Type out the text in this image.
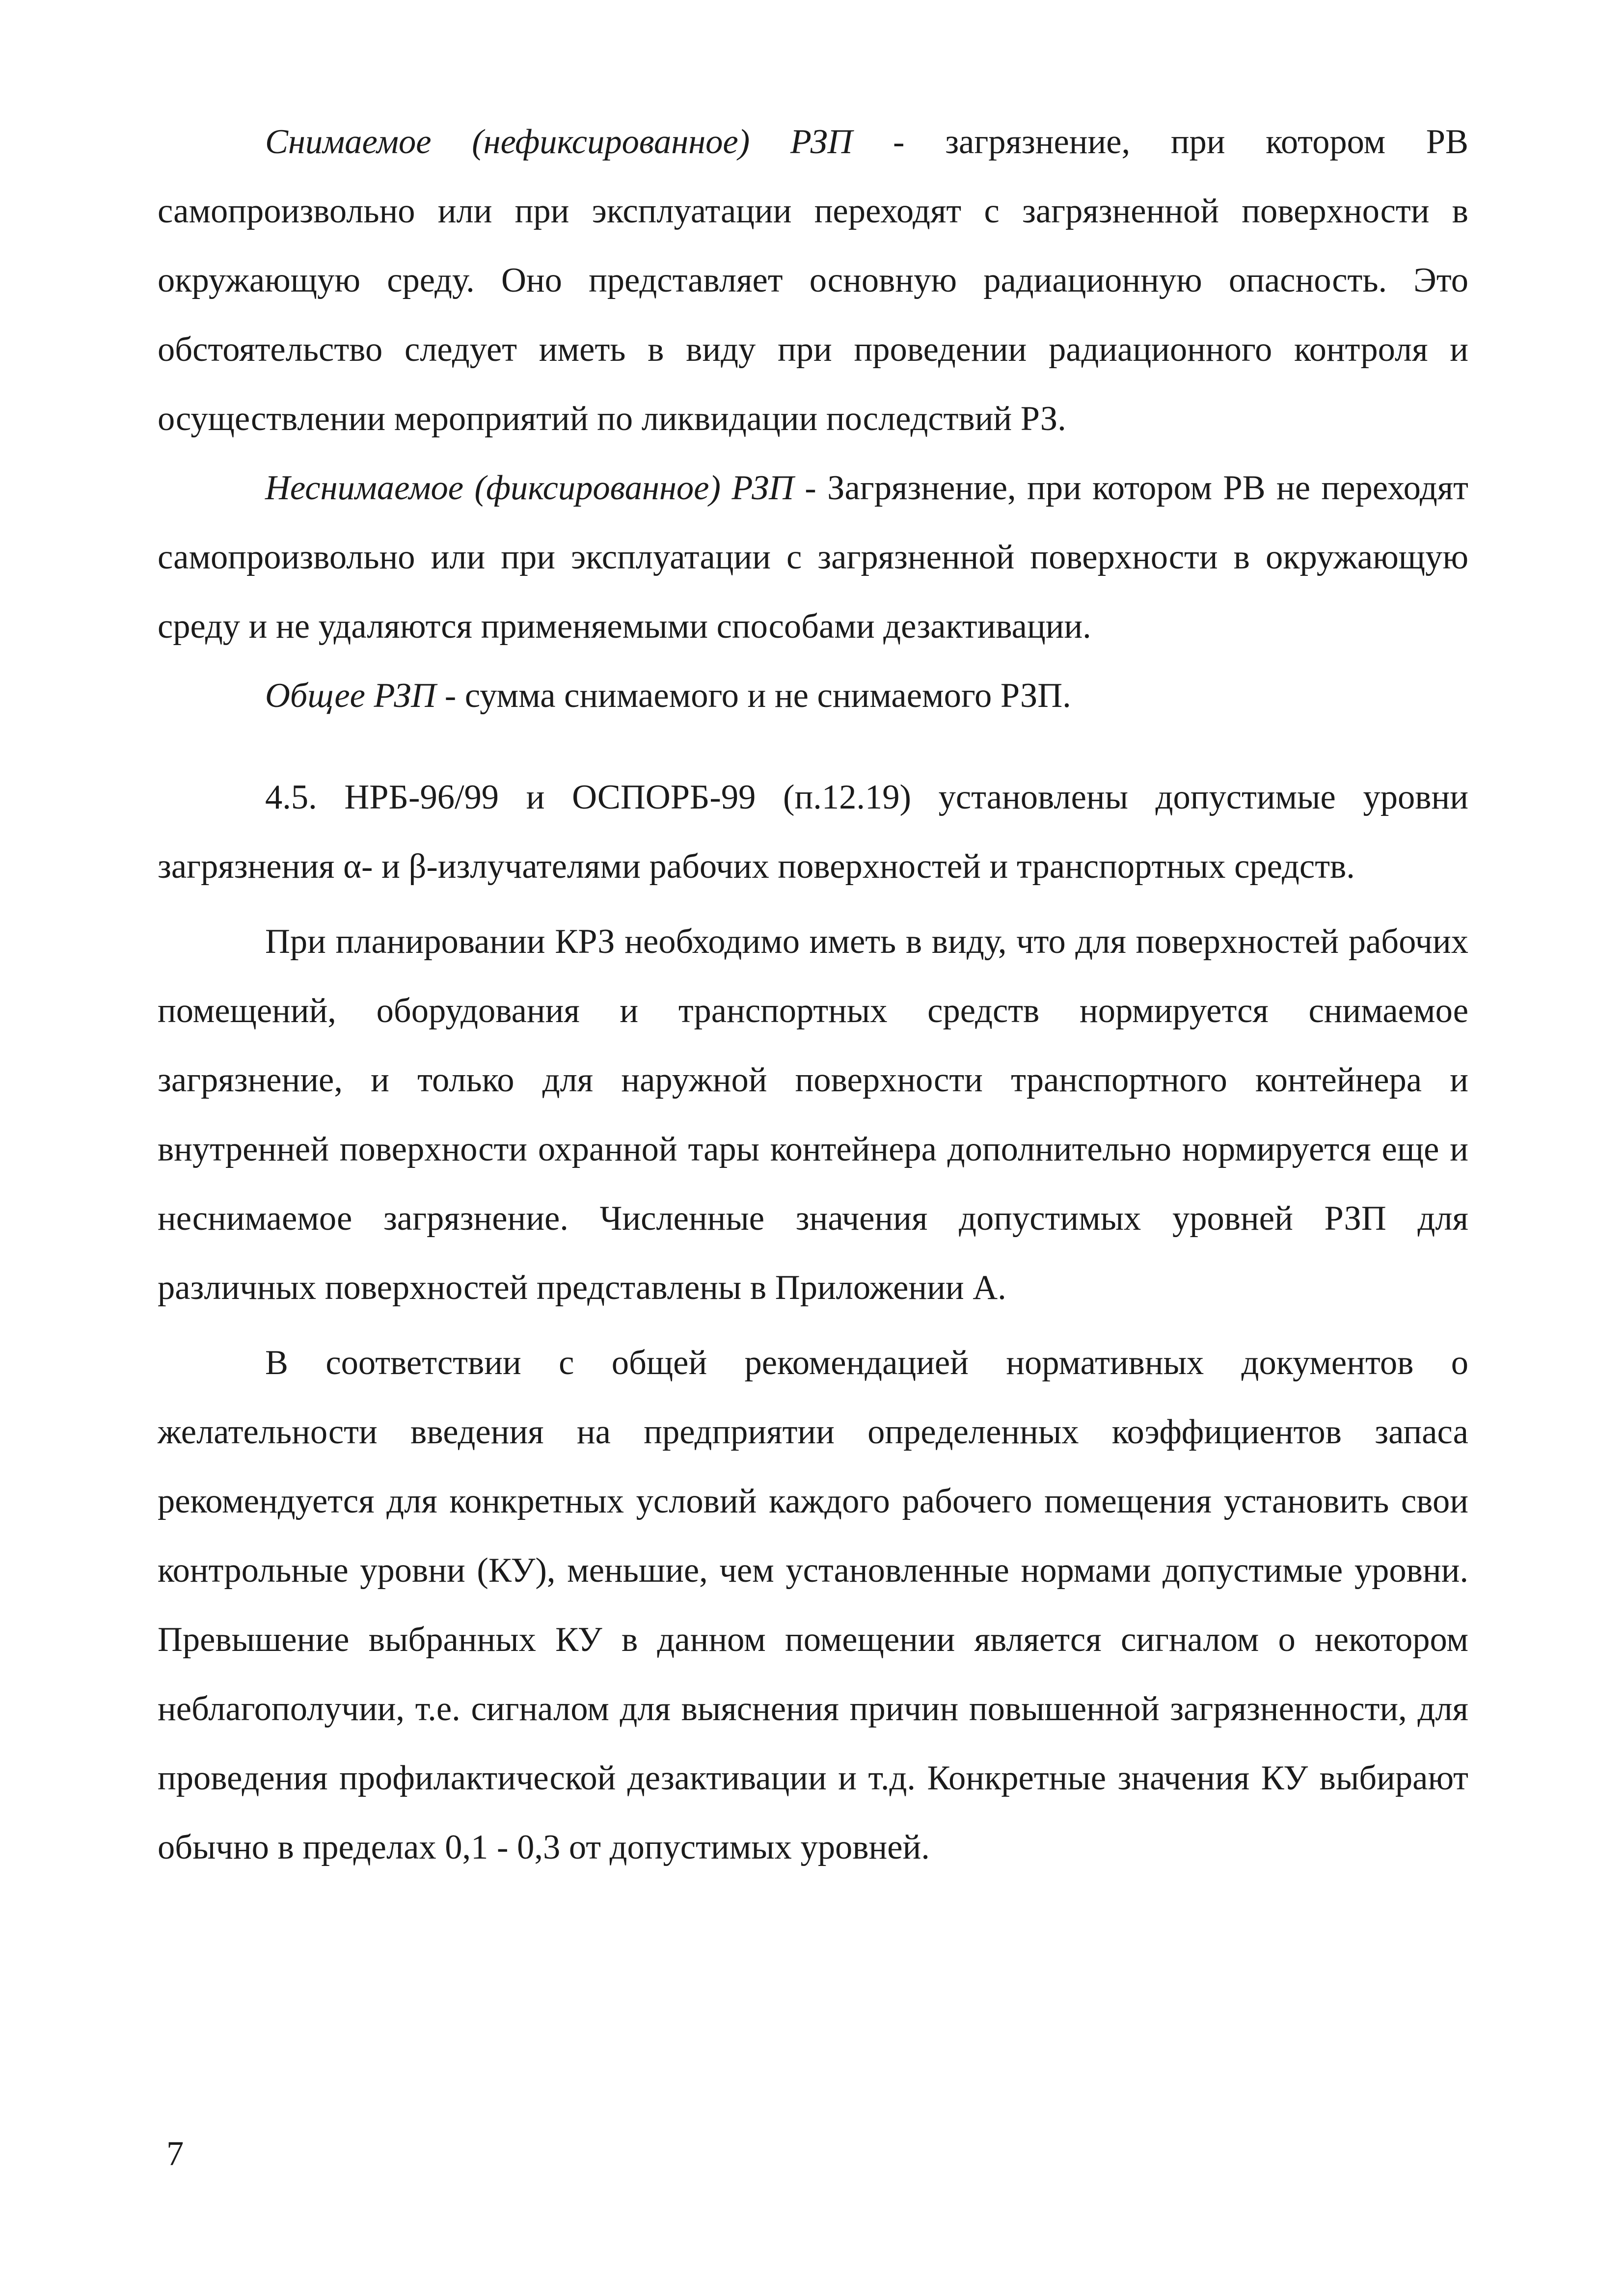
Снимаемое (нефиксированное) РЗП - загрязнение, при котором РВ самопроизвольно или при эксплуатации переходят с загрязненной поверхности в окружающую среду. Оно представляет основную радиационную опасность. Это обстоятельство следует иметь в виду при проведении радиационного контроля и осуществлении мероприятий по ликвидации последствий РЗ.

Неснимаемое (фиксированное) РЗП - Загрязнение, при котором РВ не переходят самопроизвольно или при эксплуатации с загрязненной поверхности в окружающую среду и не удаляются применяемыми способами дезактивации.

Общее РЗП - сумма снимаемого и не снимаемого РЗП.

4.5. НРБ-96/99 и ОСПОРБ-99 (п.12.19) установлены допустимые уровни загрязнения α- и β-излучателями рабочих поверхностей и транспортных средств.

При планировании КРЗ необходимо иметь в виду, что для поверхностей рабочих помещений, оборудования и транспортных средств нормируется снимаемое загрязнение, и только для наружной поверхности транспортного контейнера и внутренней поверхности охранной тары контейнера дополнительно нормируется еще и неснимаемое загрязнение. Численные значения допустимых уровней РЗП для различных поверхностей представлены в Приложении А.

В соответствии с общей рекомендацией нормативных документов о желательности введения на предприятии определенных коэффициентов запаса рекомендуется для конкретных условий каждого рабочего помещения установить свои контрольные уровни (КУ), меньшие, чем установленные нормами допустимые уровни. Превышение выбранных КУ в данном помещении является сигналом о некотором неблагополучии, т.е. сигналом для выяснения причин повышенной загрязненности, для проведения профилактической дезактивации и т.д. Конкретные значения КУ выбирают обычно в пределах 0,1 - 0,3 от допустимых уровней.

7
